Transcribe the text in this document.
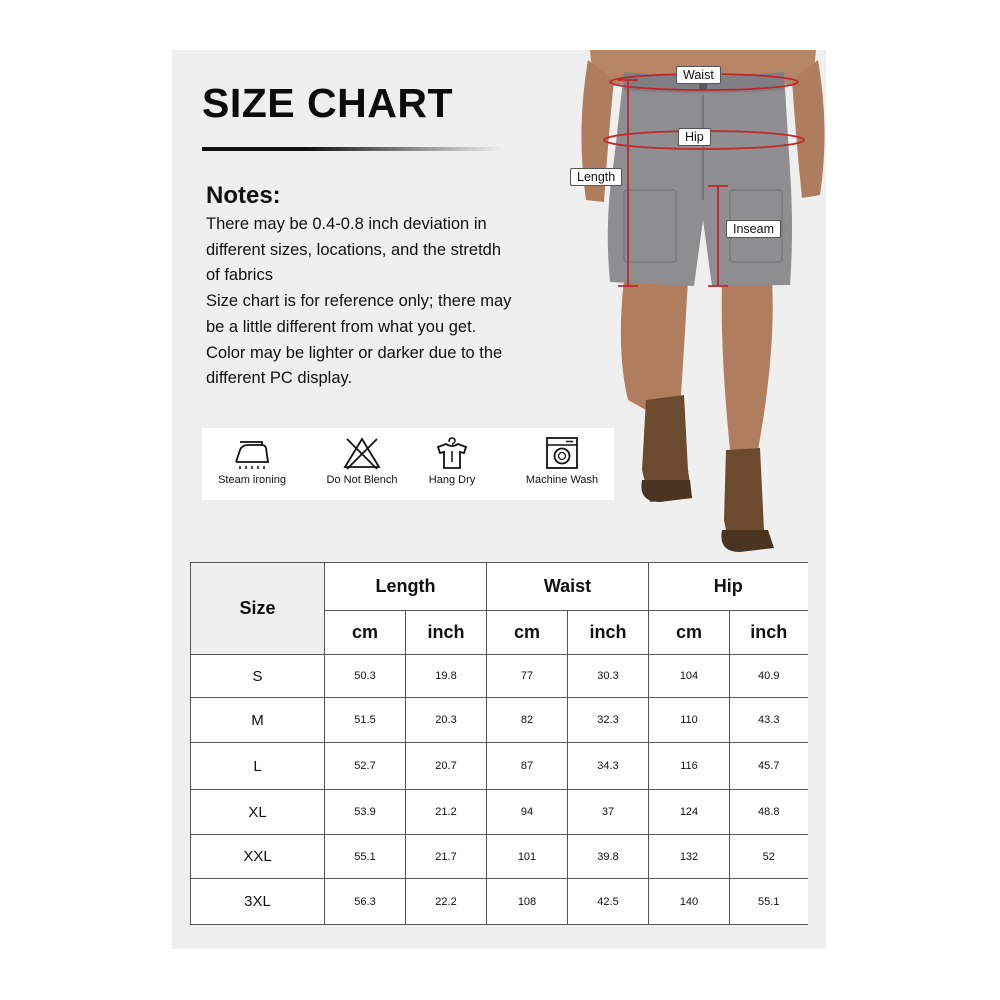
SIZE CHART
Notes:
There may be 0.4-0.8 inch deviation in
different sizes, locations, and the stretdh
of fabrics
Size chart is for reference only; there may
be a little different from what you get.
Color may be lighter or darker due to the
different PC display.
Steam ironing	Do Not Blench	Hang Dry	Machine Wash
Waist
Hip
Length
Inseam
Size	Length		Waist		Hip	
	cm	inch	cm	inch	cm	inch
S	50.3	19.8	77	30.3	104	40.9
M	51.5	20.3	82	32.3	110	43.3
L	52.7	20.7	87	34.3	116	45.7
XL	53.9	21.2	94	37	124	48.8
XXL	55.1	21.7	101	39.8	132	52
3XL	56.3	22.2	108	42.5	140	55.1
